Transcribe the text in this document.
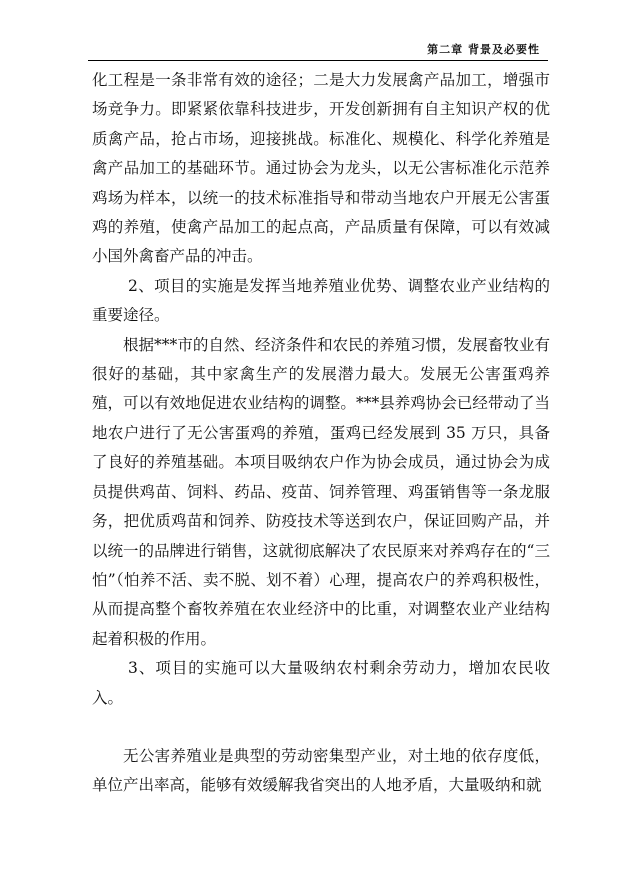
第二章 背景及必要性

化工程是一条非常有效的途径；二是大力发展禽产品加工，增强市场竞争力。即紧紧依靠科技进步，开发创新拥有自主知识产权的优质禽产品，抢占市场，迎接挑战。标准化、规模化、科学化养殖是禽产品加工的基础环节。通过协会为龙头，以无公害标准化示范养鸡场为样本，以统一的技术标准指导和带动当地农户开展无公害蛋鸡的养殖，使禽产品加工的起点高，产品质量有保障，可以有效减小国外禽畜产品的冲击。

2、项目的实施是发挥当地养殖业优势、调整农业产业结构的重要途径。

根据***市的自然、经济条件和农民的养殖习惯，发展畜牧业有很好的基础，其中家禽生产的发展潜力最大。发展无公害蛋鸡养殖，可以有效地促进农业结构的调整。***县养鸡协会已经带动了当地农户进行了无公害蛋鸡的养殖，蛋鸡已经发展到 35 万只，具备了良好的养殖基础。本项目吸纳农户作为协会成员，通过协会为成员提供鸡苗、饲料、药品、疫苗、饲养管理、鸡蛋销售等一条龙服务，把优质鸡苗和饲养、防疫技术等送到农户，保证回购产品，并以统一的品牌进行销售，这就彻底解决了农民原来对养鸡存在的“三怕”（怕养不活、卖不脱、划不着）心理，提高农户的养鸡积极性，从而提高整个畜牧养殖在农业经济中的比重，对调整农业产业结构起着积极的作用。

3、项目的实施可以大量吸纳农村剩余劳动力，增加农民收入。

无公害养殖业是典型的劳动密集型产业，对土地的依存度低，单位产出率高，能够有效缓解我省突出的人地矛盾，大量吸纳和就
